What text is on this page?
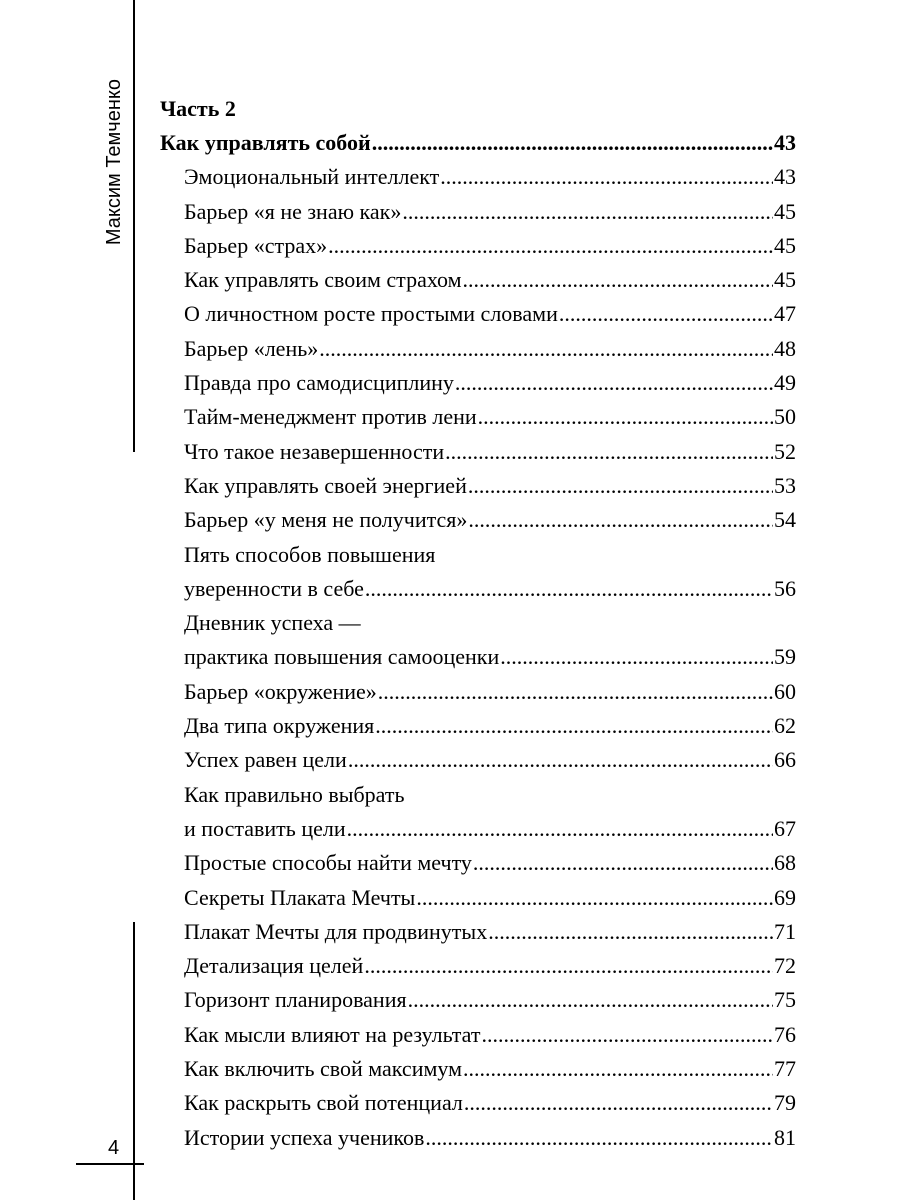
Максим Темченко
4
Часть 2
Как управлять собой .....	43
Эмоциональный интеллект .....	43
Барьер «я не знаю как» .....	45
Барьер «страх» .....	45
Как управлять своим страхом .....	45
О личностном росте простыми словами .....	47
Барьер «лень» .....	48
Правда про самодисциплину .....	49
Тайм-менеджмент против лени .....	50
Что такое незавершенности .....	52
Как управлять своей энергией .....	53
Барьер «у меня не получится» .....	54
Пять способов повышения
уверенности в себе .....	56
Дневник успеха —
практика повышения самооценки .....	59
Барьер «окружение» .....	60
Два типа окружения .....	62
Успех равен цели .....	66
Как правильно выбрать
и поставить цели .....	67
Простые способы найти мечту .....	68
Секреты Плаката Мечты .....	69
Плакат Мечты для продвинутых .....	71
Детализация целей .....	72
Горизонт планирования .....	75
Как мысли влияют на результат .....	76
Как включить свой максимум .....	77
Как раскрыть свой потенциал .....	79
Истории успеха учеников .....	81
